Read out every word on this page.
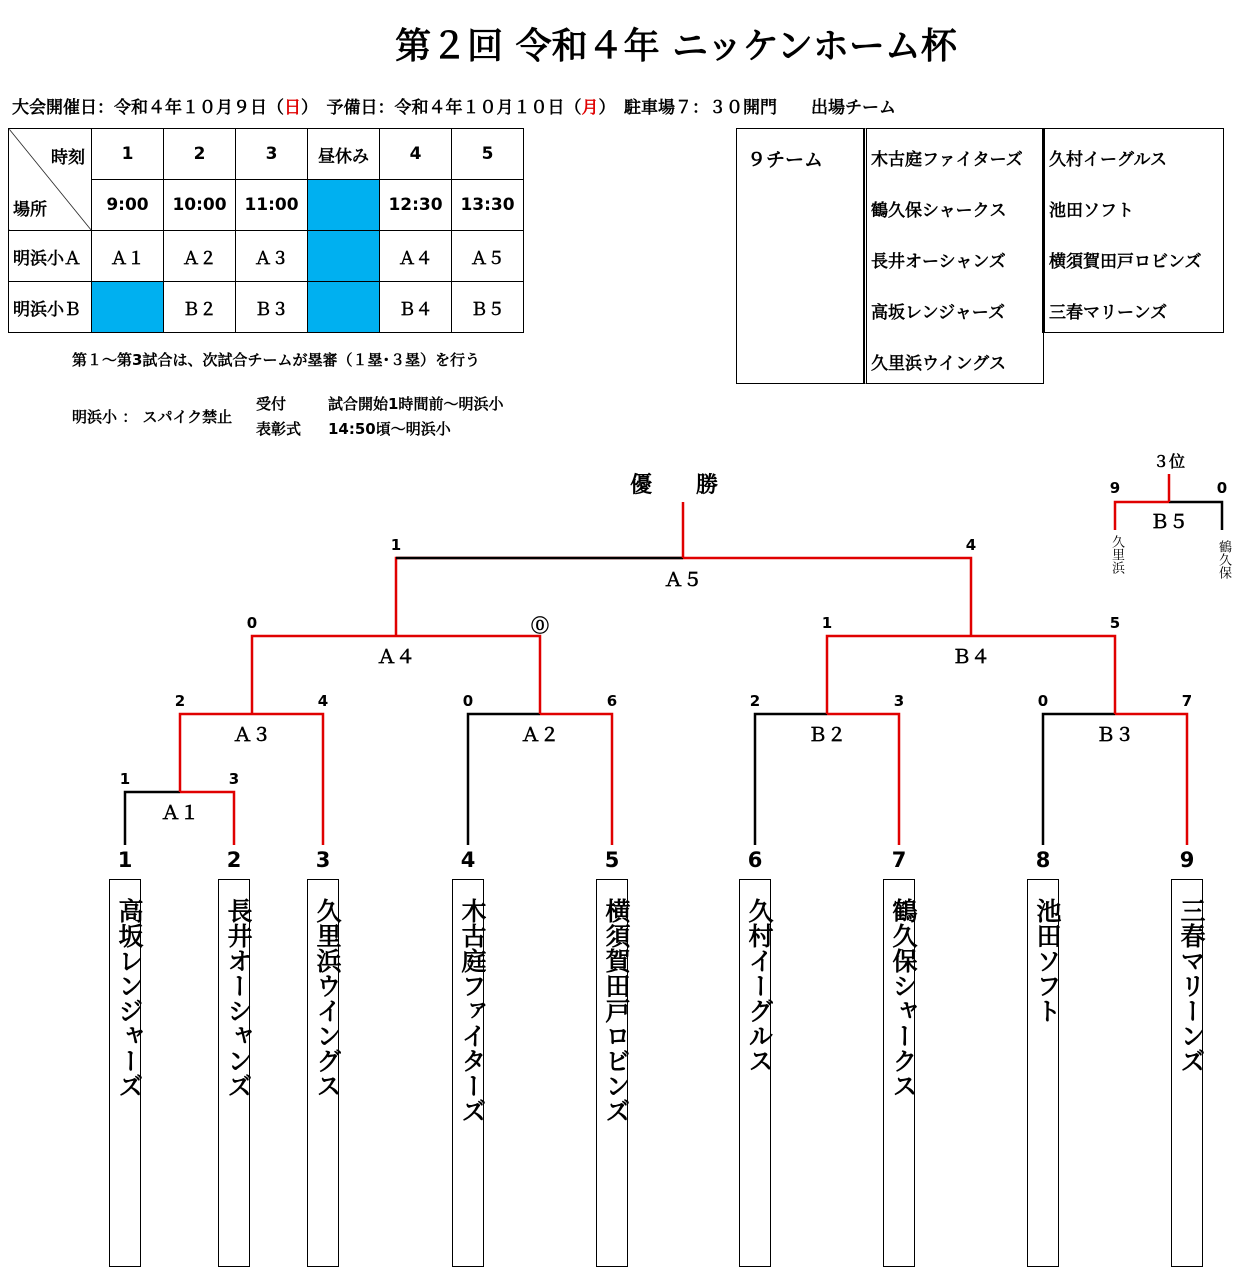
第２回 令和４年 ニッケンホーム杯
大会開催日：令和４年１０月９日（日）　予備日：令和４年１０月１０日（月）　駐車場７：３０開門　　出場チーム
時刻
場所	1	2	3	昼休み	4	5
	9:00	10:00	11:00		12:30	13:30
明浜小Ａ	Ａ１	Ａ２	Ａ３		Ａ４	Ａ５
明浜小Ｂ		Ｂ２	Ｂ３		Ｂ４	Ｂ５
第１～第3試合は、次試合チームが塁審（１塁･３塁）を行う
明浜小 ： スパイク禁止
受付	試合開始1時間前～明浜小
表彰式 14:50頃～明浜小
９チーム	木古庭ファイターズ
鶴久保シャークス
長井オーシャンズ
高坂レンジャーズ
久里浜ウイングス
久村イーグルス
池田ソフト
横須賀田戸ロビンズ
三春マリーンズ
優　　勝
３位
1	3
Ａ１
2	4
Ａ３
0	6
Ａ２
2	3
Ｂ２
0	7
Ｂ３
0	⓪
Ａ４
1	5
Ｂ４
1	4
Ａ５
9	0
Ｂ５
久里浜	鶴久保
1	2	3	4	5	6	7	8	9
高坂レンジャーズ	長井オーシャンズ 久里浜ウイングス	木古庭ファイターズ	横須賀田戸ロビンズ	久村イーグルス	鶴久保シャークス	池田ソフト	三春マリーンズ
